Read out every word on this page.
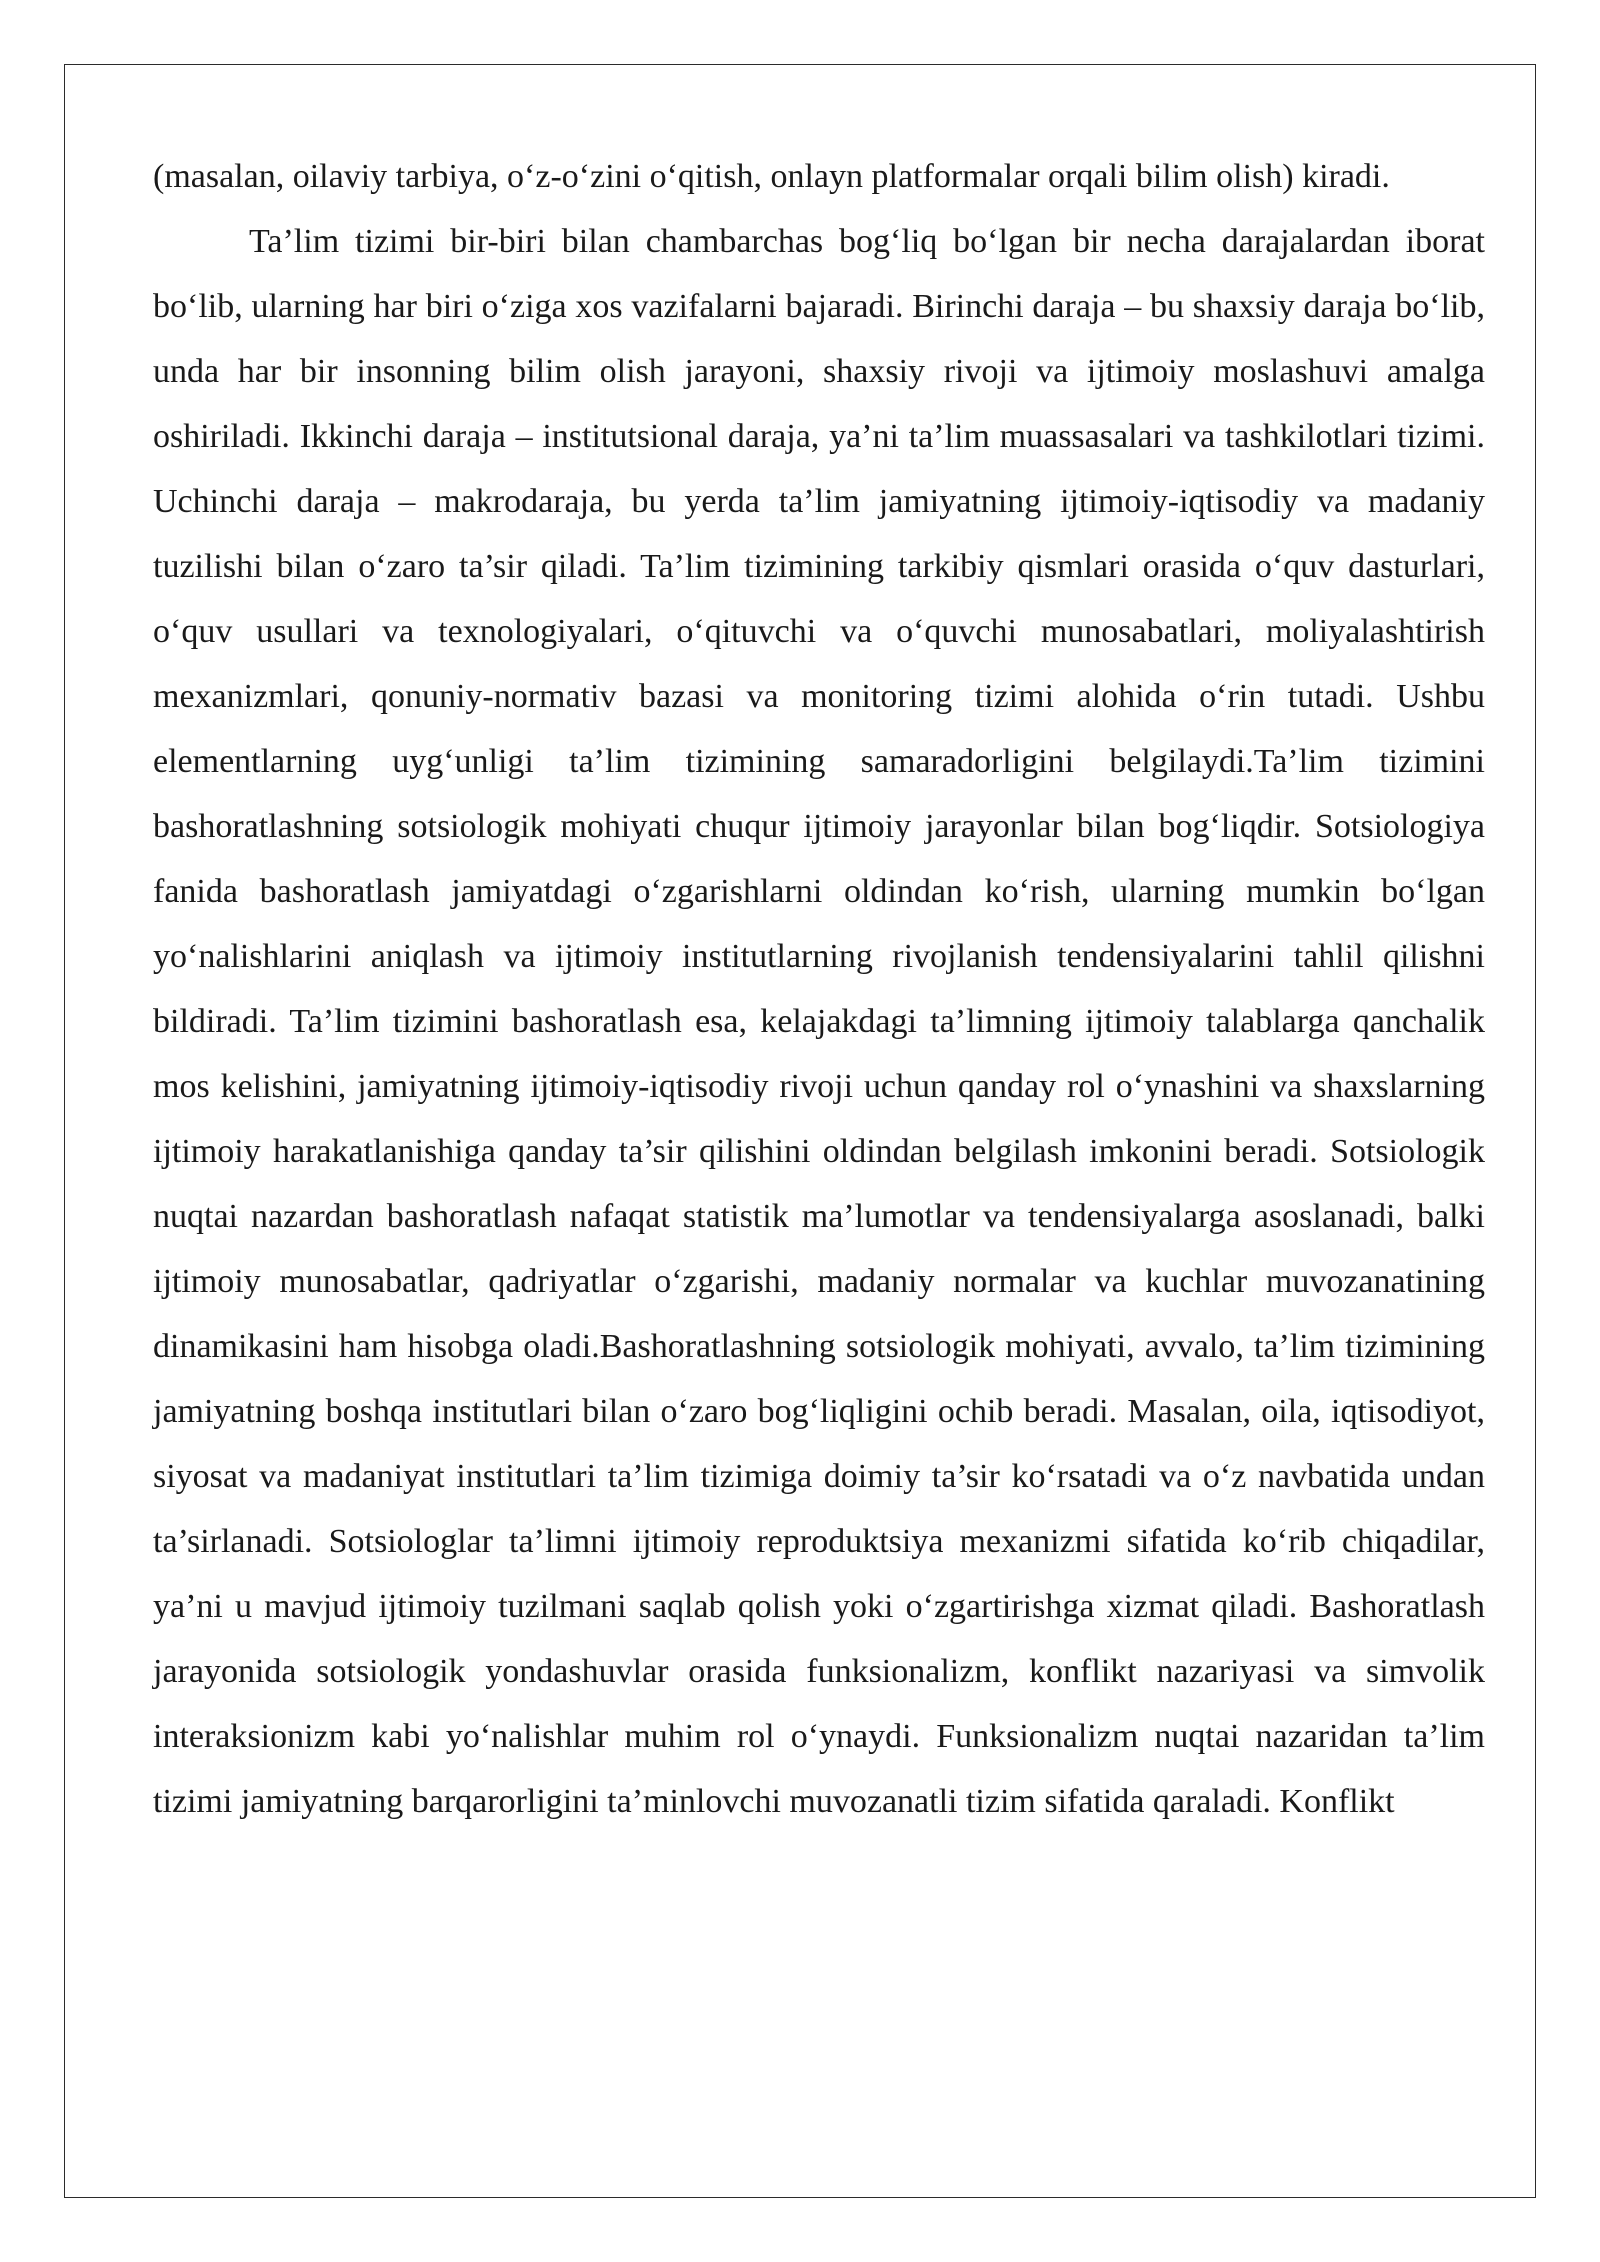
(masalan, oilaviy tarbiya, o‘z-o‘zini o‘qitish, onlayn platformalar orqali bilim olish) kiradi.

Ta’lim tizimi bir-biri bilan chambarchas bog‘liq bo‘lgan bir necha darajalardan iborat bo‘lib, ularning har biri o‘ziga xos vazifalarni bajaradi. Birinchi daraja – bu shaxsiy daraja bo‘lib, unda har bir insonning bilim olish jarayoni, shaxsiy rivoji va ijtimoiy moslashuvi amalga oshiriladi. Ikkinchi daraja – institutsional daraja, ya’ni ta’lim muassasalari va tashkilotlari tizimi. Uchinchi daraja – makrodaraja, bu yerda ta’lim jamiyatning ijtimoiy-iqtisodiy va madaniy tuzilishi bilan o‘zaro ta’sir qiladi. Ta’lim tizimining tarkibiy qismlari orasida o‘quv dasturlari, o‘quv usullari va texnologiyalari, o‘qituvchi va o‘quvchi munosabatlari, moliyalashtirish mexanizmlari, qonuniy-normativ bazasi va monitoring tizimi alohida o‘rin tutadi. Ushbu elementlarning uyg‘unligi ta’lim tizimining samaradorligini belgilaydi.Ta’lim tizimini bashoratlashning sotsiologik mohiyati chuqur ijtimoiy jarayonlar bilan bog‘liqdir. Sotsiologiya fanida bashoratlash jamiyatdagi o‘zgarishlarni oldindan ko‘rish, ularning mumkin bo‘lgan yo‘nalishlarini aniqlash va ijtimoiy institutlarning rivojlanish tendensiyalarini tahlil qilishni bildiradi. Ta’lim tizimini bashoratlash esa, kelajakdagi ta’limning ijtimoiy talablarga qanchalik mos kelishini, jamiyatning ijtimoiy-iqtisodiy rivoji uchun qanday rol o‘ynashini va shaxslarning ijtimoiy harakatlanishiga qanday ta’sir qilishini oldindan belgilash imkonini beradi. Sotsiologik nuqtai nazardan bashoratlash nafaqat statistik ma’lumotlar va tendensiyalarga asoslanadi, balki ijtimoiy munosabatlar, qadriyatlar o‘zgarishi, madaniy normalar va kuchlar muvozanatining dinamikasini ham hisobga oladi.Bashoratlashning sotsiologik mohiyati, avvalo, ta’lim tizimining jamiyatning boshqa institutlari bilan o‘zaro bog‘liqligini ochib beradi. Masalan, oila, iqtisodiyot, siyosat va madaniyat institutlari ta’lim tizimiga doimiy ta’sir ko‘rsatadi va o‘z navbatida undan ta’sirlanadi. Sotsiologlar ta’limni ijtimoiy reproduktsiya mexanizmi sifatida ko‘rib chiqadilar, ya’ni u mavjud ijtimoiy tuzilmani saqlab qolish yoki o‘zgartirishga xizmat qiladi. Bashoratlash jarayonida sotsiologik yondashuvlar orasida funksionalizm, konflikt nazariyasi va simvolik interaksionizm kabi yo‘nalishlar muhim rol o‘ynaydi. Funksionalizm nuqtai nazaridan ta’lim tizimi jamiyatning barqarorligini ta’minlovchi muvozanatli tizim sifatida qaraladi. Konflikt
